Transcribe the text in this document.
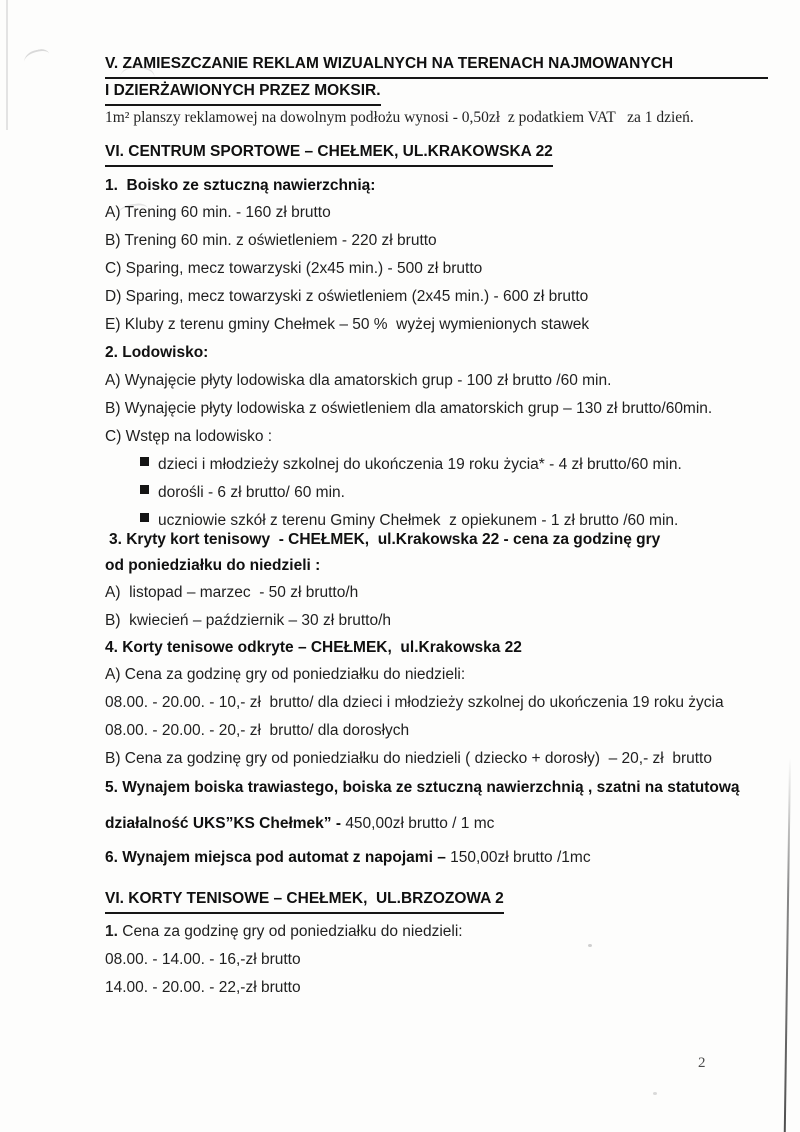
V. ZAMIESZCZANIE REKLAM WIZUALNYCH NA TERENACH NAJMOWANYCH
I DZIERŻAWIONYCH PRZEZ MOKSIR.
1m² planszy reklamowej na dowolnym podłożu wynosi - 0,50zł  z podatkiem VAT   za 1 dzień.
VI. CENTRUM SPORTOWE – CHEŁMEK, UL.KRAKOWSKA 22
1.  Boisko ze sztuczną nawierzchnią:
A) Trening 60 min. - 160 zł brutto
B) Trening 60 min. z oświetleniem - 220 zł brutto
C) Sparing, mecz towarzyski (2x45 min.) - 500 zł brutto
D) Sparing, mecz towarzyski z oświetleniem (2x45 min.) - 600 zł brutto
E) Kluby z terenu gminy Chełmek – 50 %  wyżej wymienionych stawek
2. Lodowisko:
A) Wynajęcie płyty lodowiska dla amatorskich grup - 100 zł brutto /60 min.
B) Wynajęcie płyty lodowiska z oświetleniem dla amatorskich grup – 130 zł brutto/60min.
C) Wstęp na lodowisko :
dzieci i młodzieży szkolnej do ukończenia 19 roku życia* - 4 zł brutto/60 min.
dorośli - 6 zł brutto/ 60 min.
uczniowie szkół z terenu Gminy Chełmek  z opiekunem - 1 zł brutto /60 min.
3. Kryty kort tenisowy  - CHEŁMEK,  ul.Krakowska 22 - cena za godzinę gry
od poniedziałku do niedzieli :
A)  listopad – marzec  - 50 zł brutto/h
B)  kwiecień – październik – 30 zł brutto/h
4. Korty tenisowe odkryte – CHEŁMEK,  ul.Krakowska 22
A) Cena za godzinę gry od poniedziałku do niedzieli:
08.00. - 20.00. - 10,- zł  brutto/ dla dzieci i młodzieży szkolnej do ukończenia 19 roku życia
08.00. - 20.00. - 20,- zł  brutto/ dla dorosłych
B) Cena za godzinę gry od poniedziałku do niedzieli ( dziecko + dorosły)  – 20,- zł  brutto
5. Wynajem boiska trawiastego, boiska ze sztuczną nawierzchnią , szatni na statutową
działalność UKS”KS Chełmek” - 450,00zł brutto / 1 mc
6. Wynajem miejsca pod automat z napojami – 150,00zł brutto /1mc
VI. KORTY TENISOWE – CHEŁMEK,  UL.BRZOZOWA 2
1. Cena za godzinę gry od poniedziałku do niedzieli:
08.00. - 14.00. - 16,-zł brutto
14.00. - 20.00. - 22,-zł brutto
2
